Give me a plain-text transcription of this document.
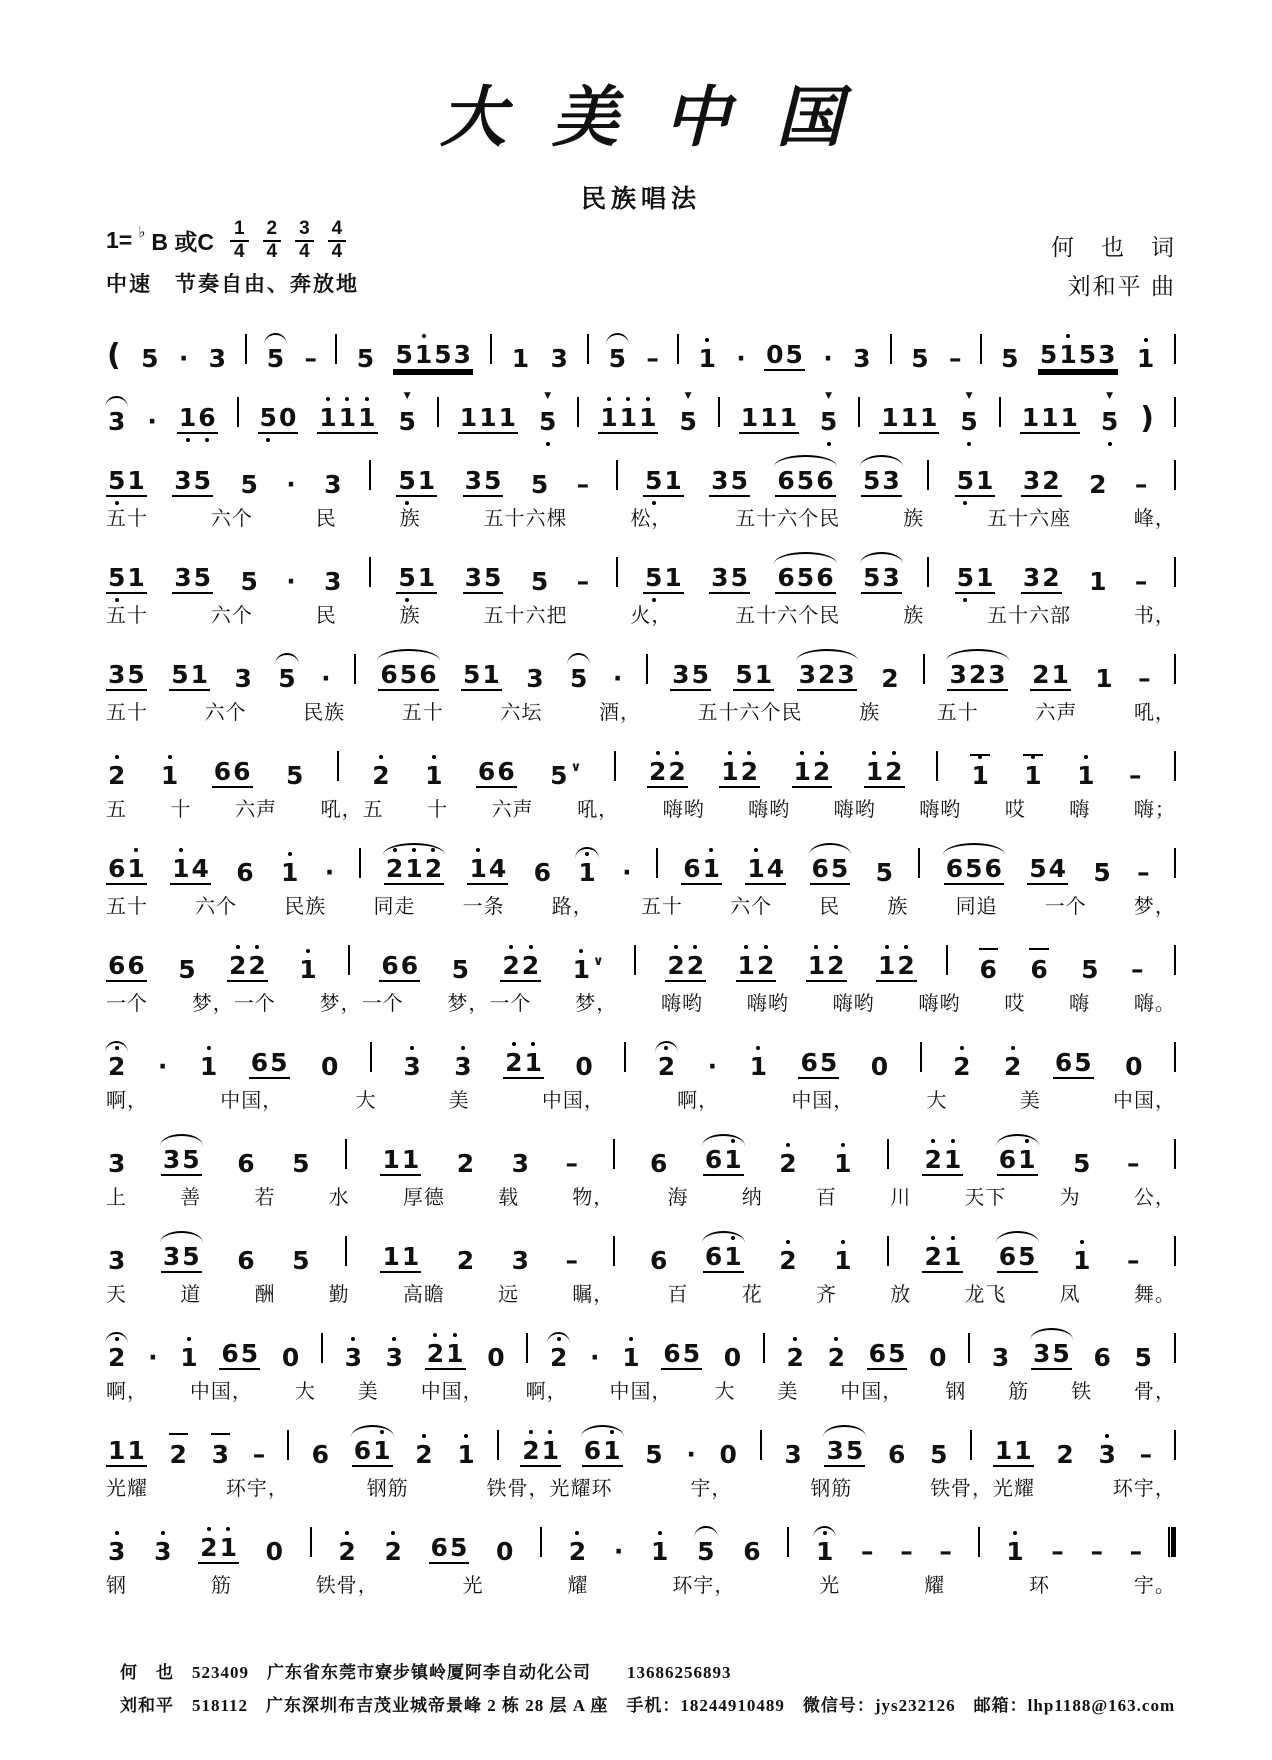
大美中国
民族唱法
1= ♭ B 或C $\frac{1}{4} \frac{2}{4} \frac{3}{4} \frac{4}{4}$	何　也　词
中速　节奏自由、奔放地	刘和平 曲
( 5 · 3 5 – 5 5 1 5 3 1 3 5 – 1 · 0 5 · 3 5 – 5 5 1 5 3 1
3 · 1 6 5 0 1 1 1 5
▼ 1 1 1 5
▼ 1 1 1 5
▼ 1 1 1 5
▼ 1 1 1 5
▼ 1 1 1 5
▼ )
5 1 3 5 5 · 3 5 1 3 5 5 – 5 1 3 5 6 5 6 5 3 5 1 3 2 2 –
五十	六个	民	族	五十六棵	松，	五十六个民	族	五十六座	峰，
5 1 3 5 5 · 3 5 1 3 5 5 – 5 1 3 5 6 5 6 5 3 5 1 3 2 1 –
五十	六个	民	族	五十六把	火，	五十六个民	族	五十六部	书，
3 5 5 1 3 5 · 6 5 6 5 1 3 5 · 3 5 5 1 3 2 3 2 3 2 3 2 1 1 –
五十	六个	民族	五十	六坛	酒，	五十六个民	族	五十	六声	吼，
2 1 6 6 5	2 1 6 6 5 ∨	2 2 1 2 1 2 1 2	1 1 1 –
五 十 六声 吼，五 十 六声 吼， 嗨哟 嗨哟 嗨哟 嗨哟 哎 嗨 嗨；
6 1 1 4 6 1 · 2 1 2 1 4 6 1 · 6 1 1 4 6 5 5 6 5 6 5 4 5 –
五十 六个 民族 同走 一条 路， 五十 六个 民 族 同追 一个 梦，
6 6 5 2 2 1	6 6 5 2 2 1 ∨	2 2 1 2 1 2 1 2	6 6 5 –
一个 梦，一个 梦，一个 梦，一个 梦， 嗨哟 嗨哟 嗨哟 嗨哟 哎 嗨 嗨。
2 · 1 6 5 0	3 3 2 1 0	2 · 1 6 5 0	2 2 6 5 0
啊，	中国，	大	美	中国，	啊，	中国，	大	美	中国，
3 3 5 6 5	1 1 2 3 –	6 6 1 2 1	2 1 6 1 5 –
上	善	若	水	厚德	载	物，	海	纳	百	川	天下	为	公，
3 3 5 6 5	1 1 2 3 –	6 6 1 2 1	2 1 6 5 1 –
天	道	酬	勤	高瞻	远	瞩，	百	花	齐	放	龙飞	凤	舞。
2 · 1 6 5 0 3 3 2 1 0 2 · 1 6 5 0 2 2 6 5 0 3 3 5 6 5
啊， 中国， 大 美 中国， 啊， 中国， 大 美 中国， 钢 筋 铁 骨，
1 1 2 3 – 6 6 1 2 1 2 1 6 1 5 · 0 3 3 5 6 5 1 1 2 3 –
光耀	环宇，	钢筋	铁骨，光耀环	宇，	钢筋	铁骨，光耀	环宇，
3 3 2 1 0 2 2 6 5 0 2 · 1 5 6 1 – – – 1 – – –
钢	筋	铁骨，	光	耀	环宇，	光	耀	环	宇。
何　也　523409　广东省东莞市寮步镇岭厦阿李自动化公司　　13686256893
刘和平　518112　广东深圳布吉茂业城帝景峰 2 栋 28 层 A 座　手机：18244910489　微信号：jys232126　邮箱：lhp1188@163.com
